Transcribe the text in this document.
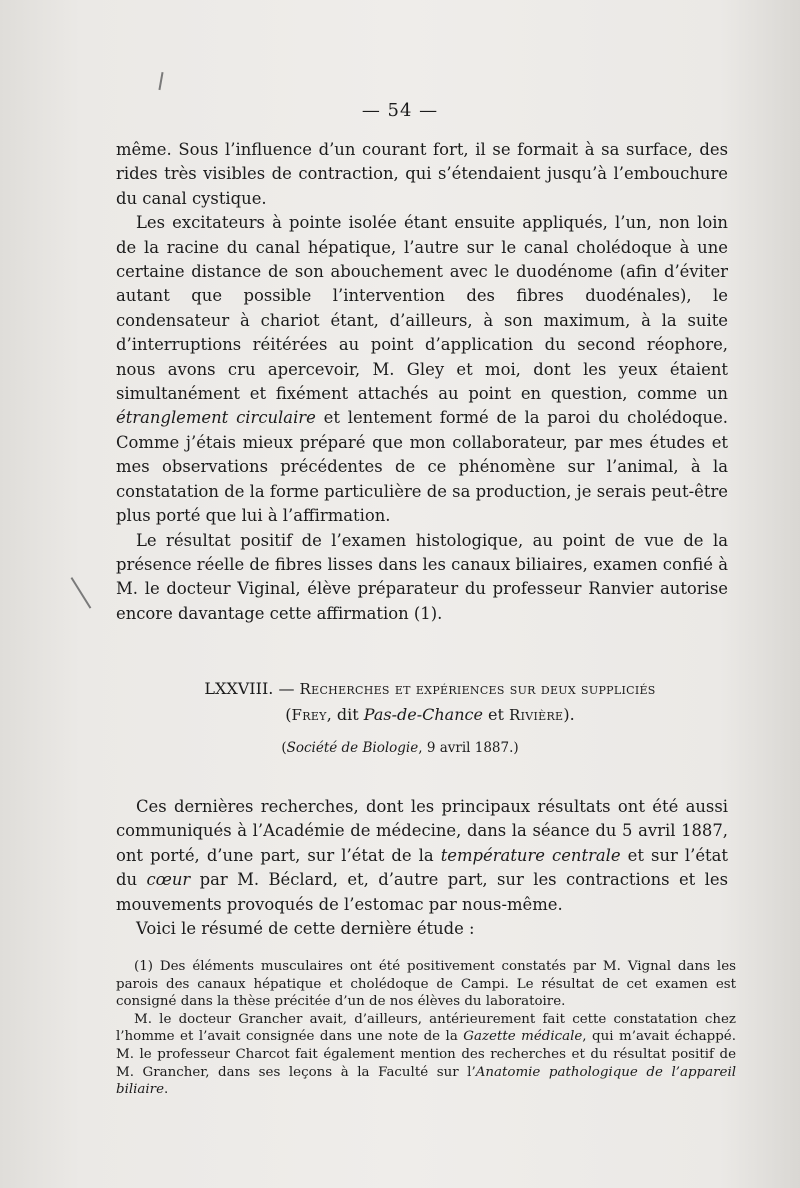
— 54 —

même. Sous l’influence d’un courant fort, il se formait à sa surface, des rides très visibles de contraction, qui s’étendaient jusqu’à l’embouchure du canal cystique.

Les excitateurs à pointe isolée étant ensuite appliqués, l’un, non loin de la racine du canal hépatique, l’autre sur le canal cholédoque à une certaine distance de son abouchement avec le duodénome (afin d’éviter autant que possible l’intervention des fibres duodénales), le condensateur à chariot étant, d’ailleurs, à son maximum, à la suite d’interruptions réitérées au point d’application du second réophore, nous avons cru apercevoir, M. Gley et moi, dont les yeux étaient simultanément et fixément attachés au point en question, comme un étranglement circulaire et lentement formé de la paroi du cholédoque. Comme j’étais mieux préparé que mon collaborateur, par mes études et mes observations précédentes de ce phénomène sur l’animal, à la constatation de la forme particulière de sa production, je serais peut-être plus porté que lui à l’affirmation.

Le résultat positif de l’examen histologique, au point de vue de la présence réelle de fibres lisses dans les canaux biliaires, examen confié à M. le docteur Viginal, élève préparateur du professeur Ranvier autorise encore davantage cette affirmation (1).

LXXVIII. — Recherches et expériences sur deux suppliciés
(Frey, dit Pas-de-Chance et Rivière).
(Société de Biologie, 9 avril 1887.)

Ces dernières recherches, dont les principaux résultats ont été aussi communiqués à l’Académie de médecine, dans la séance du 5 avril 1887, ont porté, d’une part, sur l’état de la température centrale et sur l’état du cœur par M. Béclard, et, d’autre part, sur les contractions et les mouvements provoqués de l’estomac par nous-même.

Voici le résumé de cette dernière étude :

(1) Des éléments musculaires ont été positivement constatés par M. Vignal dans les parois des canaux hépatique et cholédoque de Campi. Le résultat de cet examen est consigné dans la thèse précitée d’un de nos élèves du laboratoire.

M. le docteur Grancher avait, d’ailleurs, antérieurement fait cette constatation chez l’homme et l’avait consignée dans une note de la Gazette médicale, qui m’avait échappé. M. le professeur Charcot fait également mention des recherches et du résultat positif de M. Grancher, dans ses leçons à la Faculté sur l’Anatomie pathologique de l’appareil biliaire.
